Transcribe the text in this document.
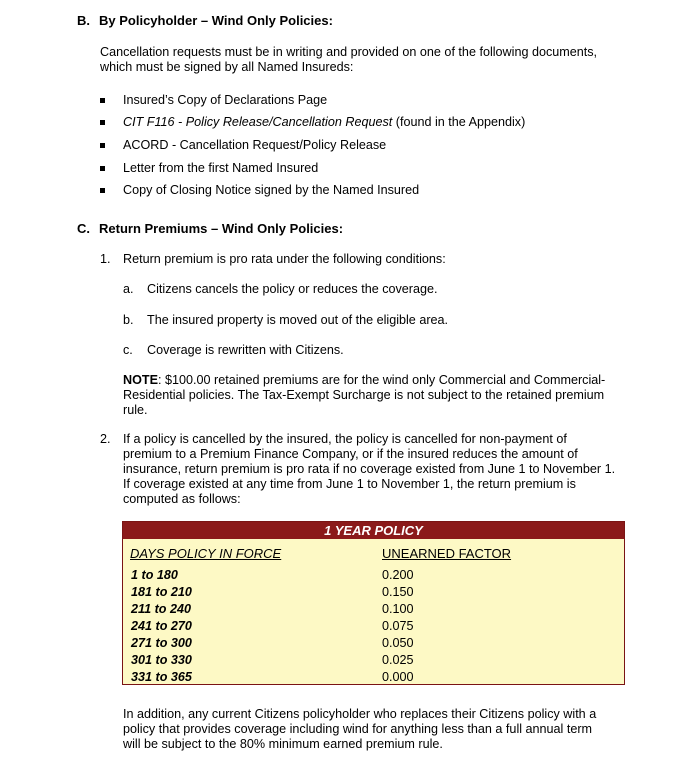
B. By Policyholder – Wind Only Policies:
Cancellation requests must be in writing and provided on one of the following documents,
which must be signed by all Named Insureds:
Insured’s Copy of Declarations Page
CIT F116 - Policy Release/Cancellation Request (found in the Appendix)
ACORD - Cancellation Request/Policy Release
Letter from the first Named Insured
Copy of Closing Notice signed by the Named Insured
C. Return Premiums – Wind Only Policies:
1. Return premium is pro rata under the following conditions:
a. Citizens cancels the policy or reduces the coverage.
b. The insured property is moved out of the eligible area.
c. Coverage is rewritten with Citizens.
NOTE: $100.00 retained premiums are for the wind only Commercial and Commercial-
Residential policies. The Tax-Exempt Surcharge is not subject to the retained premium
rule.
2. If a policy is cancelled by the insured, the policy is cancelled for non-payment of
premium to a Premium Finance Company, or if the insured reduces the amount of
insurance, return premium is pro rata if no coverage existed from June 1 to November 1.
If coverage existed at any time from June 1 to November 1, the return premium is
computed as follows:
1 YEAR POLICY
DAYS POLICY IN FORCE	UNEARNED FACTOR
1 to 180	0.200
181 to 210	0.150
211 to 240	0.100
241 to 270	0.075
271 to 300	0.050
301 to 330	0.025
331 to 365	0.000
In addition, any current Citizens policyholder who replaces their Citizens policy with a
policy that provides coverage including wind for anything less than a full annual term
will be subject to the 80% minimum earned premium rule.
